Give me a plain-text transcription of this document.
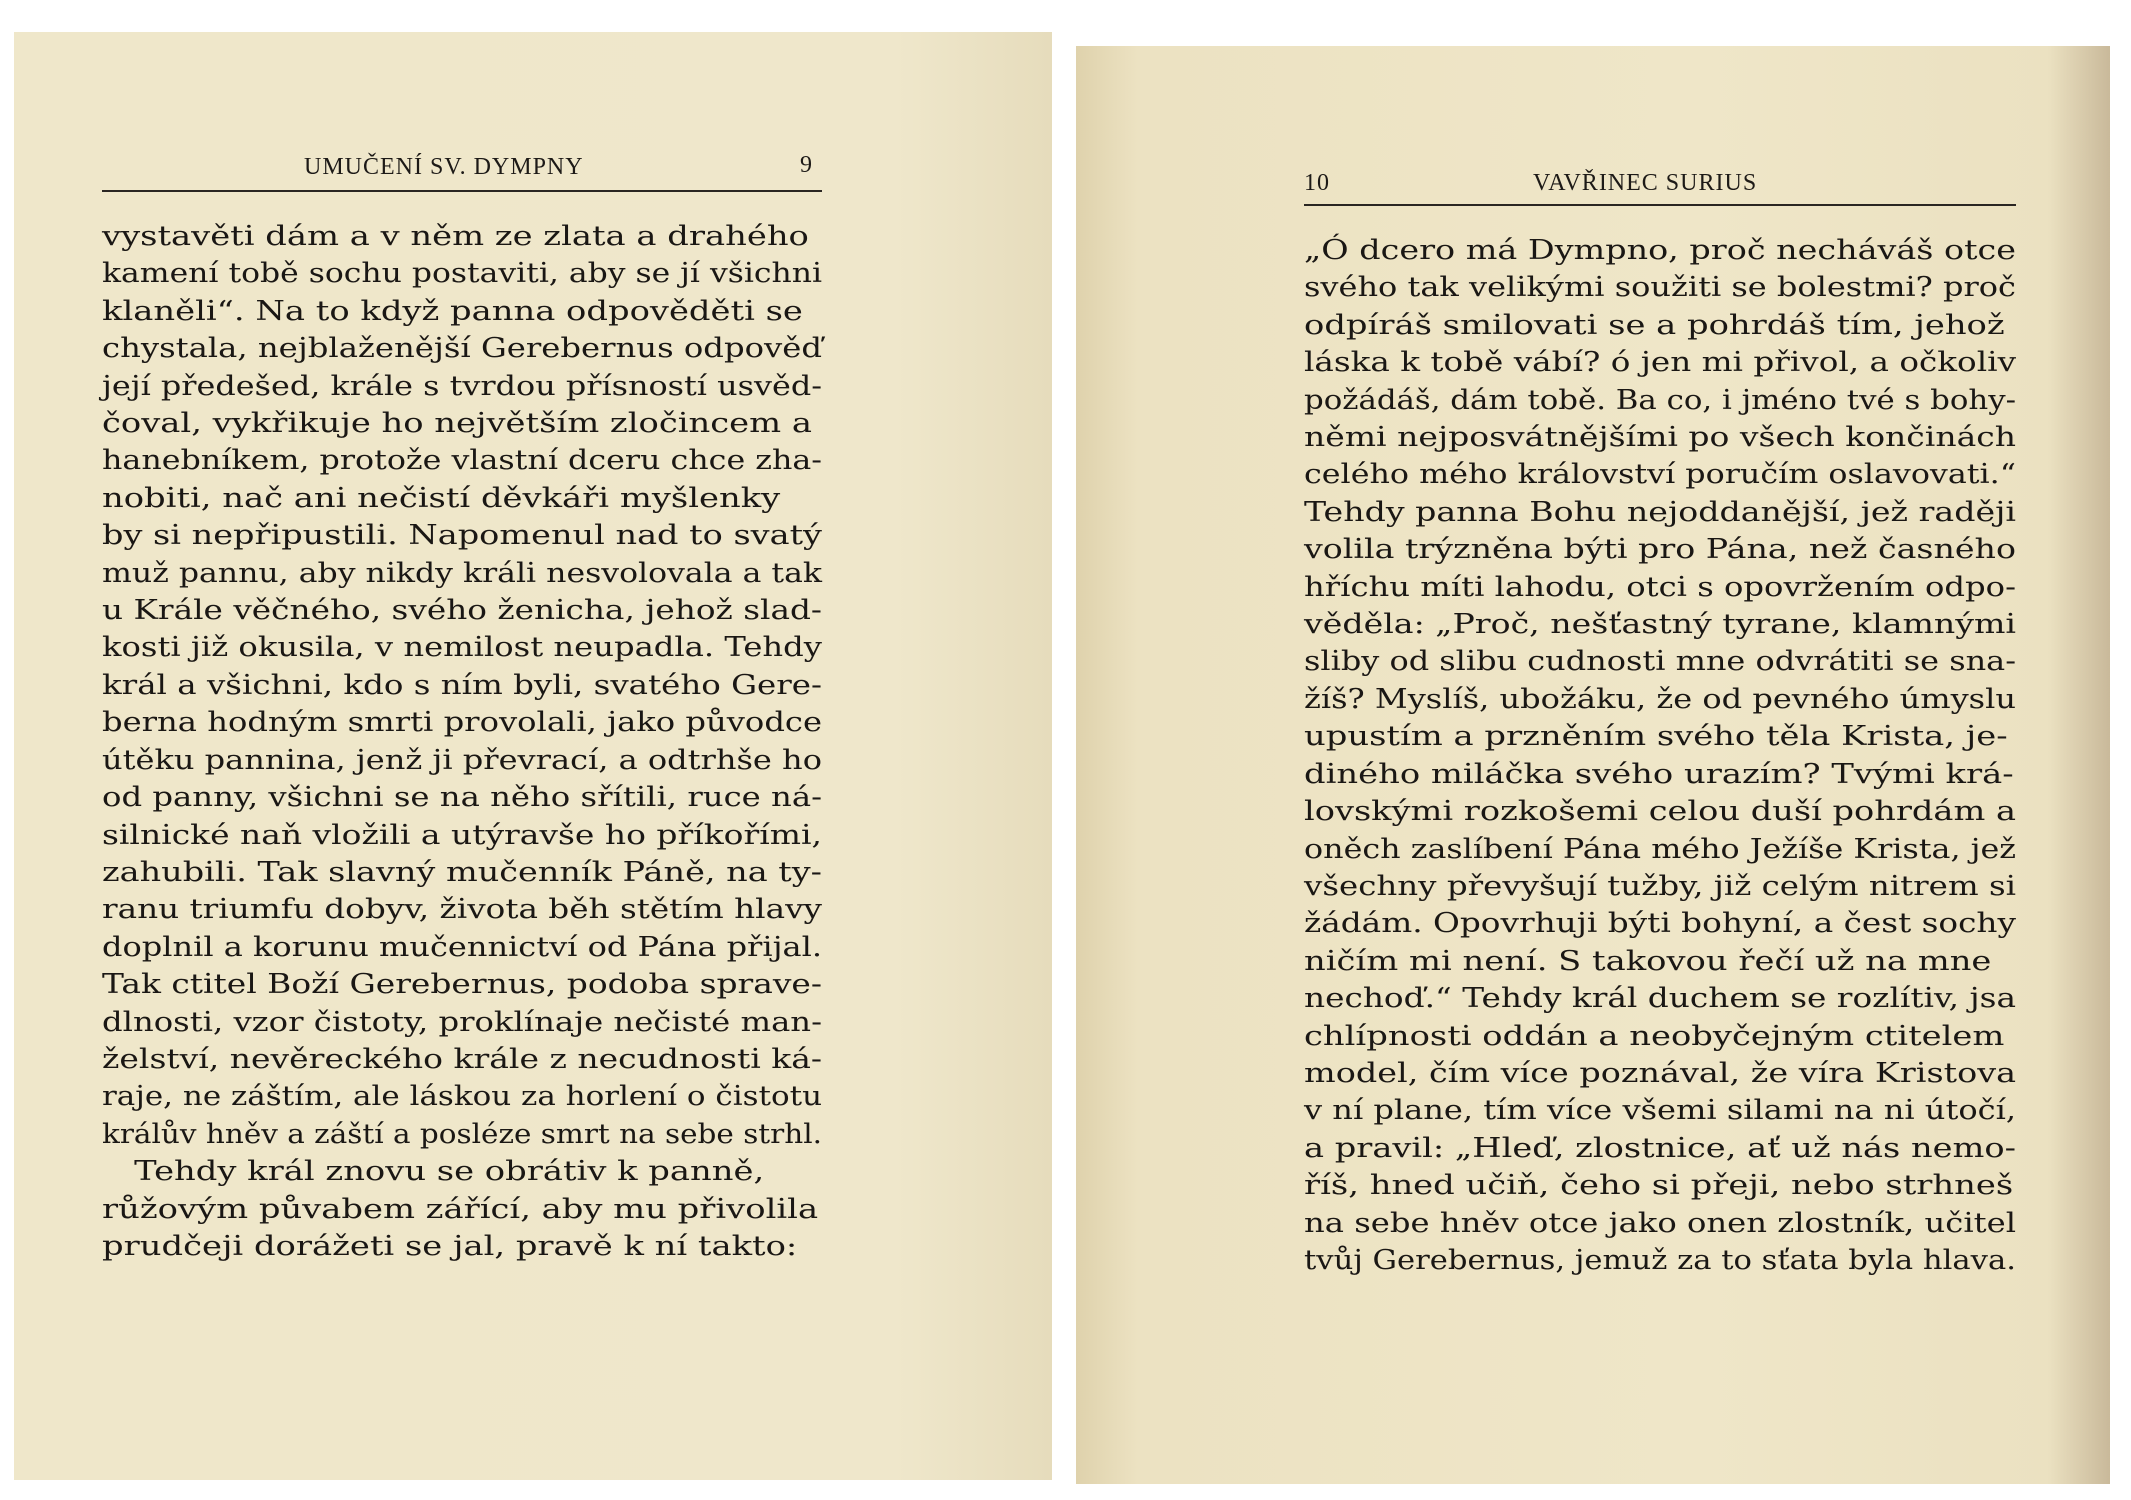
UMUČENÍ SV. DYMPNY	9
vystavěti dám a v něm ze zlata a drahého
kamení tobě sochu postaviti, aby se jí všichni
klaněli“. Na to když panna odpověděti se
chystala, nejblaženější Gerebernus odpověď
její předešed, krále s tvrdou přísností usvěd-
čoval, vykřikuje ho největším zločincem a
hanebníkem, protože vlastní dceru chce zha-
nobiti, nač ani nečistí děvkáři myšlenky
by si nepřipustili. Napomenul nad to svatý
muž pannu, aby nikdy králi nesvolovala a tak
u Krále věčného, svého ženicha, jehož slad-
kosti již okusila, v nemilost neupadla. Tehdy
král a všichni, kdo s ním byli, svatého Gere-
berna hodným smrti provolali, jako původce
útěku pannina, jenž ji převrací, a odtrhše ho
od panny, všichni se na něho sřítili, ruce ná-
silnické naň vložili a utýravše ho příkořími,
zahubili. Tak slavný mučenník Páně, na ty-
ranu triumfu dobyv, života běh stětím hlavy
doplnil a korunu mučennictví od Pána přijal.
Tak ctitel Boží Gerebernus, podoba sprave-
dlnosti, vzor čistoty, proklínaje nečisté man-
želství, nevěreckého krále z necudnosti ká-
raje, ne záštím, ale láskou za horlení o čistotu
králův hněv a záští a posléze smrt na sebe strhl.
Tehdy král znovu se obrátiv k panně,
růžovým půvabem zářící, aby mu přivolila
prudčeji dorážeti se jal, pravě k ní takto:
10	VAVŘINEC SURIUS
„Ó dcero má Dympno, proč necháváš otce
svého tak velikými soužiti se bolestmi? proč
odpíráš smilovati se a pohrdáš tím, jehož
láska k tobě vábí? ó jen mi přivol, a očkoliv
požádáš, dám tobě. Ba co, i jméno tvé s bohy-
němi nejposvátnějšími po všech končinách
celého mého království poručím oslavovati.“
Tehdy panna Bohu nejoddanější, jež raději
volila trýzněna býti pro Pána, než časného
hříchu míti lahodu, otci s opovržením odpo-
věděla: „Proč, nešťastný tyrane, klamnými
sliby od slibu cudnosti mne odvrátiti se sna-
žíš? Myslíš, ubožáku, že od pevného úmyslu
upustím a przněním svého těla Krista, je-
diného miláčka svého urazím? Tvými krá-
lovskými rozkošemi celou duší pohrdám a
oněch zaslíbení Pána mého Ježíše Krista, jež
všechny převyšují tužby, již celým nitrem si
žádám. Opovrhuji býti bohyní, a čest sochy
ničím mi není. S takovou řečí už na mne
nechoď.“ Tehdy král duchem se rozlítiv, jsa
chlípnosti oddán a neobyčejným ctitelem
model, čím více poznával, že víra Kristova
v ní plane, tím více všemi silami na ni útočí,
a pravil: „Hleď, zlostnice, ať už nás nemo-
říš, hned učiň, čeho si přeji, nebo strhneš
na sebe hněv otce jako onen zlostník, učitel
tvůj Gerebernus, jemuž za to sťata byla hlava.
